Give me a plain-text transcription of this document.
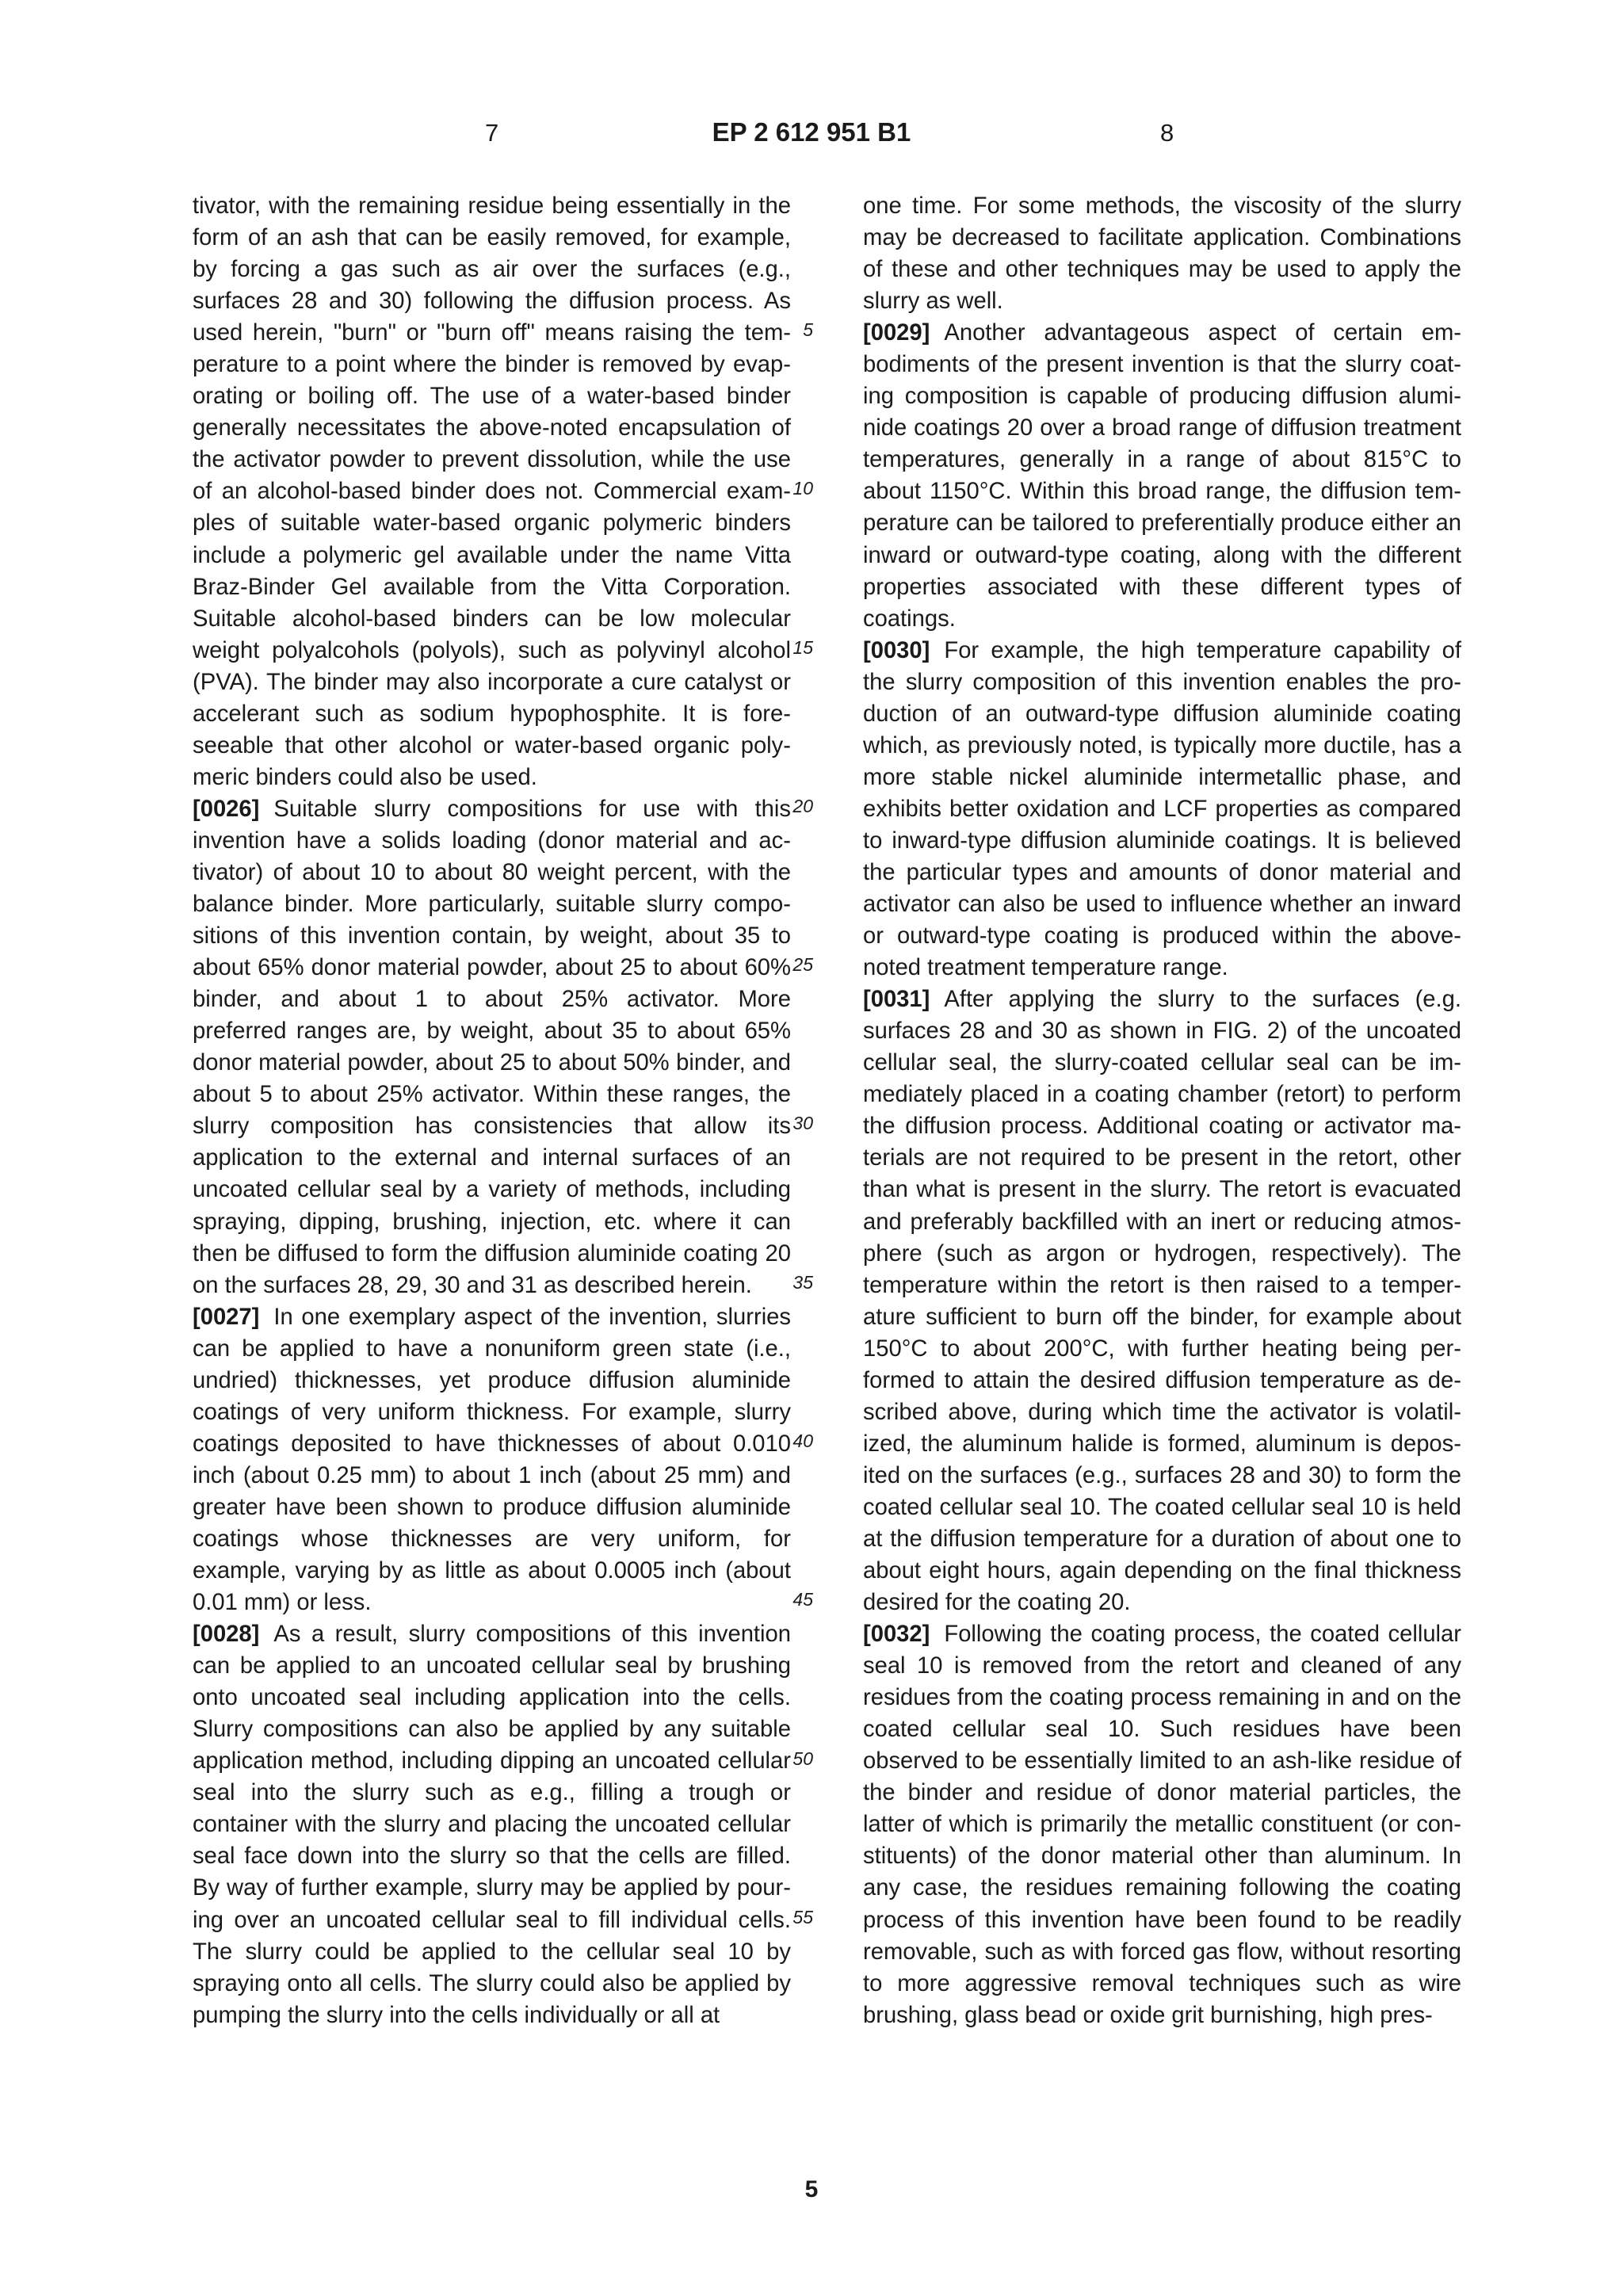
7	EP 2 612 951 B1	8

tivator, with the remaining residue being essentially in the form of an ash that can be easily removed, for example, by forcing a gas such as air over the surfaces (e.g., surfaces 28 and 30) following the diffusion process. As used herein, "burn" or "burn off" means raising the temperature to a point where the binder is removed by evaporating or boiling off. The use of a water-based binder generally necessitates the above-noted encapsulation of the activator powder to prevent dissolution, while the use of an alcohol-based binder does not. Commercial examples of suitable water-based organic polymeric binders include a polymeric gel available under the name Vitta Braz-Binder Gel available from the Vitta Corporation. Suitable alcohol-based binders can be low molecular weight polyalcohols (polyols), such as polyvinyl alcohol (PVA). The binder may also incorporate a cure catalyst or accelerant such as sodium hypophosphite. It is foreseeable that other alcohol or water-based organic polymeric binders could also be used.

[0026] Suitable slurry compositions for use with this invention have a solids loading (donor material and activator) of about 10 to about 80 weight percent, with the balance binder. More particularly, suitable slurry compositions of this invention contain, by weight, about 35 to about 65% donor material powder, about 25 to about 60% binder, and about 1 to about 25% activator. More preferred ranges are, by weight, about 35 to about 65% donor material powder, about 25 to about 50% binder, and about 5 to about 25% activator. Within these ranges, the slurry composition has consistencies that allow its application to the external and internal surfaces of an uncoated cellular seal by a variety of methods, including spraying, dipping, brushing, injection, etc. where it can then be diffused to form the diffusion aluminide coating 20 on the surfaces 28, 29, 30 and 31 as described herein.

[0027] In one exemplary aspect of the invention, slurries can be applied to have a nonuniform green state (i.e., undried) thicknesses, yet produce diffusion aluminide coatings of very uniform thickness. For example, slurry coatings deposited to have thicknesses of about 0.010 inch (about 0.25 mm) to about 1 inch (about 25 mm) and greater have been shown to produce diffusion aluminide coatings whose thicknesses are very uniform, for example, varying by as little as about 0.0005 inch (about 0.01 mm) or less.

[0028] As a result, slurry compositions of this invention can be applied to an uncoated cellular seal by brushing onto uncoated seal including application into the cells. Slurry compositions can also be applied by any suitable application method, including dipping an uncoated cellular seal into the slurry such as e.g., filling a trough or container with the slurry and placing the uncoated cellular seal face down into the slurry so that the cells are filled. By way of further example, slurry may be applied by pouring over an uncoated cellular seal to fill individual cells. The slurry could be applied to the cellular seal 10 by spraying onto all cells. The slurry could also be applied by pumping the slurry into the cells individually or all at

5
10
15
20
25
30
35
40
45
50
55

one time. For some methods, the viscosity of the slurry may be decreased to facilitate application. Combinations of these and other techniques may be used to apply the slurry as well.

[0029] Another advantageous aspect of certain embodiments of the present invention is that the slurry coating composition is capable of producing diffusion aluminide coatings 20 over a broad range of diffusion treatment temperatures, generally in a range of about 815°C to about 1150°C. Within this broad range, the diffusion temperature can be tailored to preferentially produce either an inward or outward-type coating, along with the different properties associated with these different types of coatings.

[0030] For example, the high temperature capability of the slurry composition of this invention enables the production of an outward-type diffusion aluminide coating which, as previously noted, is typically more ductile, has a more stable nickel aluminide intermetallic phase, and exhibits better oxidation and LCF properties as compared to inward-type diffusion aluminide coatings. It is believed the particular types and amounts of donor material and activator can also be used to influence whether an inward or outward-type coating is produced within the above-noted treatment temperature range.

[0031] After applying the slurry to the surfaces (e.g. surfaces 28 and 30 as shown in FIG. 2) of the uncoated cellular seal, the slurry-coated cellular seal can be immediately placed in a coating chamber (retort) to perform the diffusion process. Additional coating or activator materials are not required to be present in the retort, other than what is present in the slurry. The retort is evacuated and preferably backfilled with an inert or reducing atmosphere (such as argon or hydrogen, respectively). The temperature within the retort is then raised to a temperature sufficient to burn off the binder, for example about 150°C to about 200°C, with further heating being performed to attain the desired diffusion temperature as described above, during which time the activator is volatilized, the aluminum halide is formed, aluminum is deposited on the surfaces (e.g., surfaces 28 and 30) to form the coated cellular seal 10. The coated cellular seal 10 is held at the diffusion temperature for a duration of about one to about eight hours, again depending on the final thickness desired for the coating 20.

[0032] Following the coating process, the coated cellular seal 10 is removed from the retort and cleaned of any residues from the coating process remaining in and on the coated cellular seal 10. Such residues have been observed to be essentially limited to an ash-like residue of the binder and residue of donor material particles, the latter of which is primarily the metallic constituent (or constituents) of the donor material other than aluminum. In any case, the residues remaining following the coating process of this invention have been found to be readily removable, such as with forced gas flow, without resorting to more aggressive removal techniques such as wire brushing, glass bead or oxide grit burnishing, high pres-

5
